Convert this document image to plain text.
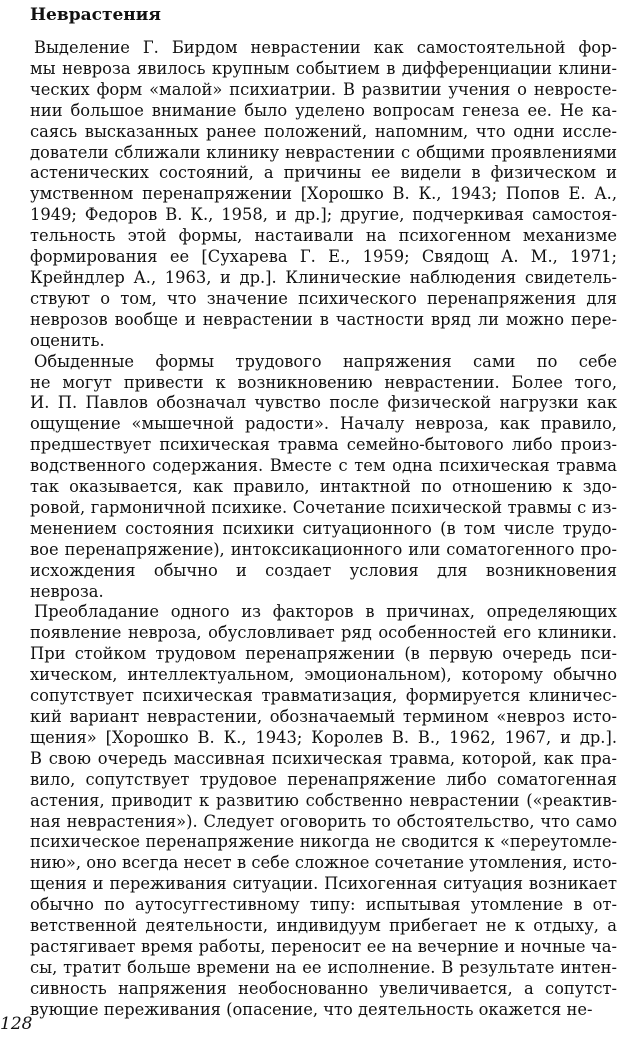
Неврастения
Выделение Г. Бирдом неврастении как самостоятельной фор-
мы невроза явилось крупным событием в дифференциации клини-
ческих форм «малой» психиатрии. В развитии учения о невросте-
нии большое внимание было уделено вопросам генеза ее. Не ка-
саясь высказанных ранее положений, напомним, что одни иссле-
дователи сближали клинику неврастении с общими проявлениями
астенических состояний, а причины ее видели в физическом и
умственном перенапряжении [Хорошко В. К., 1943; Попов Е. А.,
1949; Федоров В. К., 1958, и др.]; другие, подчеркивая самостоя-
тельность этой формы, настаивали на психогенном механизме
формирования ее [Сухарева Г. Е., 1959; Свядощ А. М., 1971;
Крейндлер А., 1963, и др.]. Клинические наблюдения свидетель-
ствуют о том, что значение психического перенапряжения для
неврозов вообще и неврастении в частности вряд ли можно пере-
оценить.
Обыденные формы трудового напряжения сами по себе
не могут привести к возникновению неврастении. Более того,
И. П. Павлов обозначал чувство после физической нагрузки как
ощущение «мышечной радости». Началу невроза, как правило,
предшествует психическая травма семейно-бытового либо произ-
водственного содержания. Вместе с тем одна психическая травма
так оказывается, как правило, интактной по отношению к здо-
ровой, гармоничной психике. Сочетание психической травмы с из-
менением состояния психики ситуационного (в том числе трудо-
вое перенапряжение), интоксикационного или соматогенного про-
исхождения обычно и создает условия для возникновения
невроза.
Преобладание одного из факторов в причинах, определяющих
появление невроза, обусловливает ряд особенностей его клиники.
При стойком трудовом перенапряжении (в первую очередь пси-
хическом, интеллектуальном, эмоциональном), которому обычно
сопутствует психическая травматизация, формируется клиничес-
кий вариант неврастении, обозначаемый термином «невроз исто-
щения» [Хорошко В. К., 1943; Королев В. В., 1962, 1967, и др.].
В свою очередь массивная психическая травма, которой, как пра-
вило, сопутствует трудовое перенапряжение либо соматогенная
астения, приводит к развитию собственно неврастении («реактив-
ная неврастения»). Следует оговорить то обстоятельство, что само
психическое перенапряжение никогда не сводится к «переутомле-
нию», оно всегда несет в себе сложное сочетание утомления, исто-
щения и переживания ситуации. Психогенная ситуация возникает
обычно по аутосуггестивному типу: испытывая утомление в от-
ветственной деятельности, индивидуум прибегает не к отдыху, а
растягивает время работы, переносит ее на вечерние и ночные ча-
сы, тратит больше времени на ее исполнение. В результате интен-
сивность напряжения необоснованно увеличивается, а сопутст-
вующие переживания (опасение, что деятельность окажется не-
128
